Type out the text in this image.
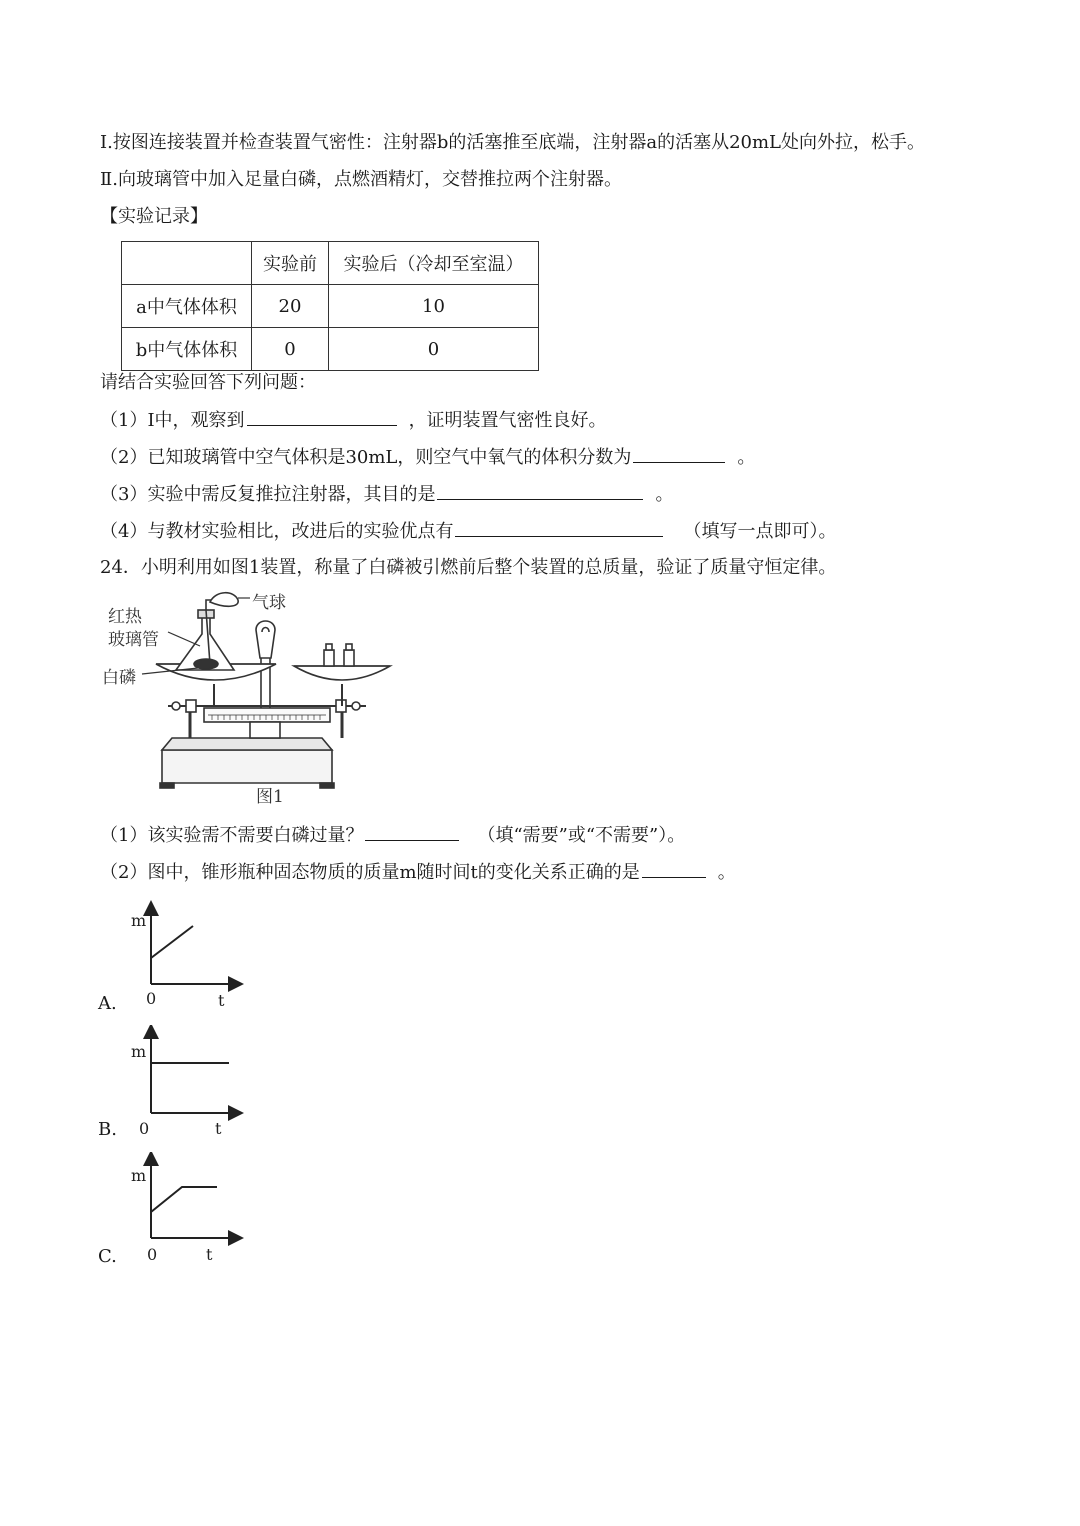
Ⅰ.按图连接装置并检查装置气密性：注射器b的活塞推至底端，注射器a的活塞从20mL处向外拉，松手。
Ⅱ.向玻璃管中加入足量白磷，点燃酒精灯，交替推拉两个注射器。
【实验记录】
	实验前	实验后（冷却至室温）
a中气体体积	20	10
b中气体体积	0	0
请结合实验回答下列问题：
（1）Ⅰ中，观察到	，证明装置气密性良好。
（2）已知玻璃管中空气体积是30mL，则空气中氧气的体积分数为	。
（3）实验中需反复推拉注射器，其目的是	。
（4）与教材实验相比，改进后的实验优点有	（填写一点即可）。
24．小明利用如图1装置，称量了白磷被引燃前后整个装置的总质量，验证了质量守恒定律。
气球
红热
玻璃管
白磷
图1
（1）该实验需不需要白磷过量？	（填“需要”或“不需要”）。
（2）图中，锥形瓶种固态物质的质量m随时间t的变化关系正确的是	。
m
t
0
A.
m
t
0
B.
m
t
0
C.
